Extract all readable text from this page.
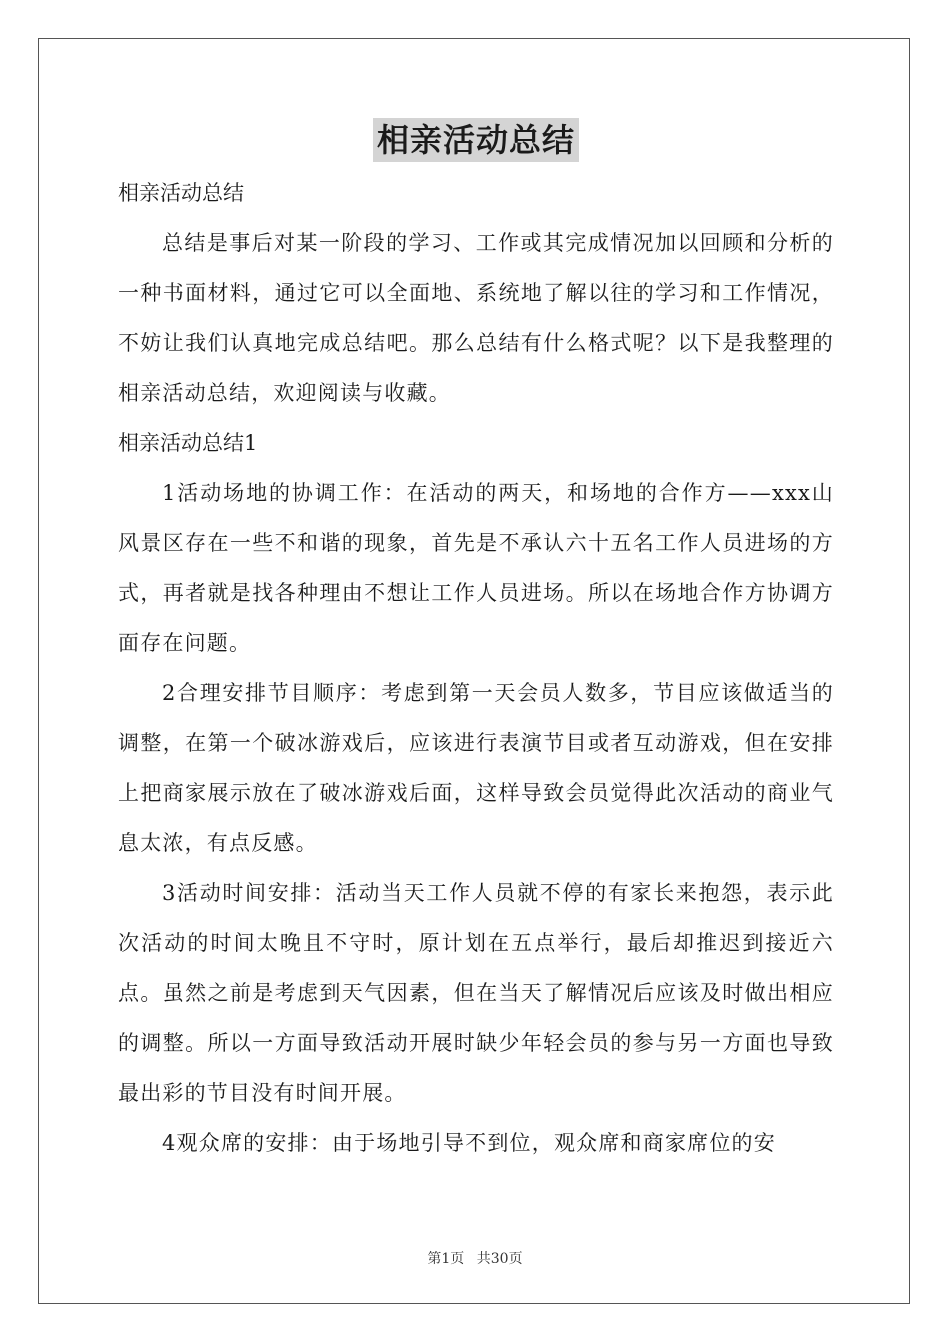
相亲活动总结

相亲活动总结

总结是事后对某一阶段的学习、工作或其完成情况加以回顾和分析的一种书面材料，通过它可以全面地、系统地了解以往的学习和工作情况，不妨让我们认真地完成总结吧。那么总结有什么格式呢？以下是我整理的相亲活动总结，欢迎阅读与收藏。

相亲活动总结1

1活动场地的协调工作：在活动的两天，和场地的合作方——xxx山风景区存在一些不和谐的现象，首先是不承认六十五名工作人员进场的方式，再者就是找各种理由不想让工作人员进场。所以在场地合作方协调方面存在问题。

2合理安排节目顺序：考虑到第一天会员人数多，节目应该做适当的调整，在第一个破冰游戏后，应该进行表演节目或者互动游戏，但在安排上把商家展示放在了破冰游戏后面，这样导致会员觉得此次活动的商业气息太浓，有点反感。

3活动时间安排：活动当天工作人员就不停的有家长来抱怨，表示此次活动的时间太晚且不守时，原计划在五点举行，最后却推迟到接近六点。虽然之前是考虑到天气因素，但在当天了解情况后应该及时做出相应的调整。所以一方面导致活动开展时缺少年轻会员的参与另一方面也导致最出彩的节目没有时间开展。

4观众席的安排：由于场地引导不到位，观众席和商家席位的安

第1页 共30页
